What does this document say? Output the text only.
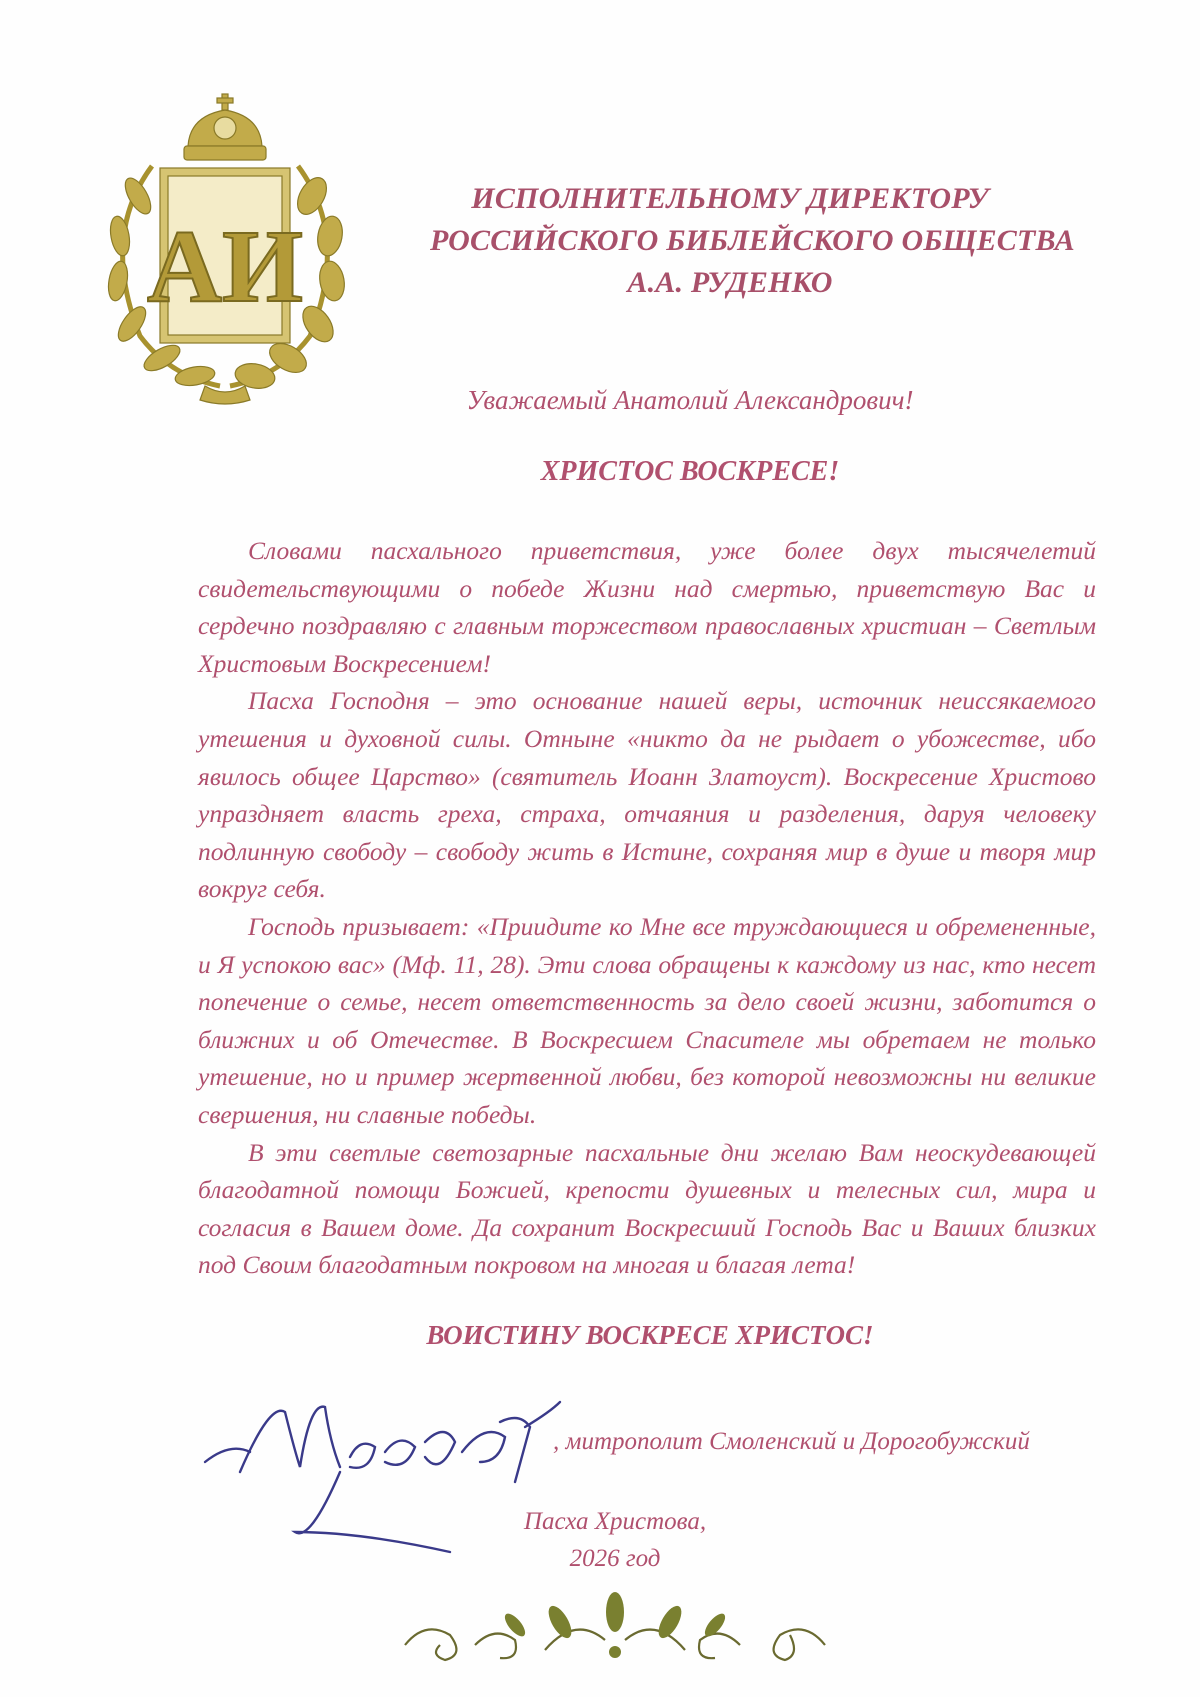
АИ
ИСПОЛНИТЕЛЬНОМУ ДИРЕКТОРУ
РОССИЙСКОГО БИБЛЕЙСКОГО ОБЩЕСТВА
А.А. РУДЕНКО
Уважаемый Анатолий Александрович!
ХРИСТОС ВОСКРЕСЕ!

Словами пасхального приветствия, уже более двух тысячелетий свидетельствующими о победе Жизни над смертью, приветствую Вас и сердечно поздравляю с главным торжеством православных христиан – Светлым Христовым Воскресением!

Пасха Господня – это основание нашей веры, источник неиссякаемого утешения и духовной силы. Отныне «никто да не рыдает о убожестве, ибо явилось общее Царство» (святитель Иоанн Златоуст). Воскресение Христово упраздняет власть греха, страха, отчаяния и разделения, даруя человеку подлинную свободу – свободу жить в Истине, сохраняя мир в душе и творя мир вокруг себя.

Господь призывает: «Приидите ко Мне все труждающиеся и обремененные, и Я успокою вас» (Мф. 11, 28). Эти слова обращены к каждому из нас, кто несет попечение о семье, несет ответственность за дело своей жизни, заботится о ближних и об Отечестве. В Воскресшем Спасителе мы обретаем не только утешение, но и пример жертвенной любви, без которой невозможны ни великие свершения, ни славные победы.

В эти светлые светозарные пасхальные дни желаю Вам неоскудевающей благодатной помощи Божией, крепости душевных и телесных сил, мира и согласия в Вашем доме. Да сохранит Воскресший Господь Вас и Ваших близких под Своим благодатным покровом на многая и благая лета!

ВОИСТИНУ ВОСКРЕСЕ ХРИСТОС!
, митрополит Смоленский и Дорогобужский
Пасха Христова,
2026 год
